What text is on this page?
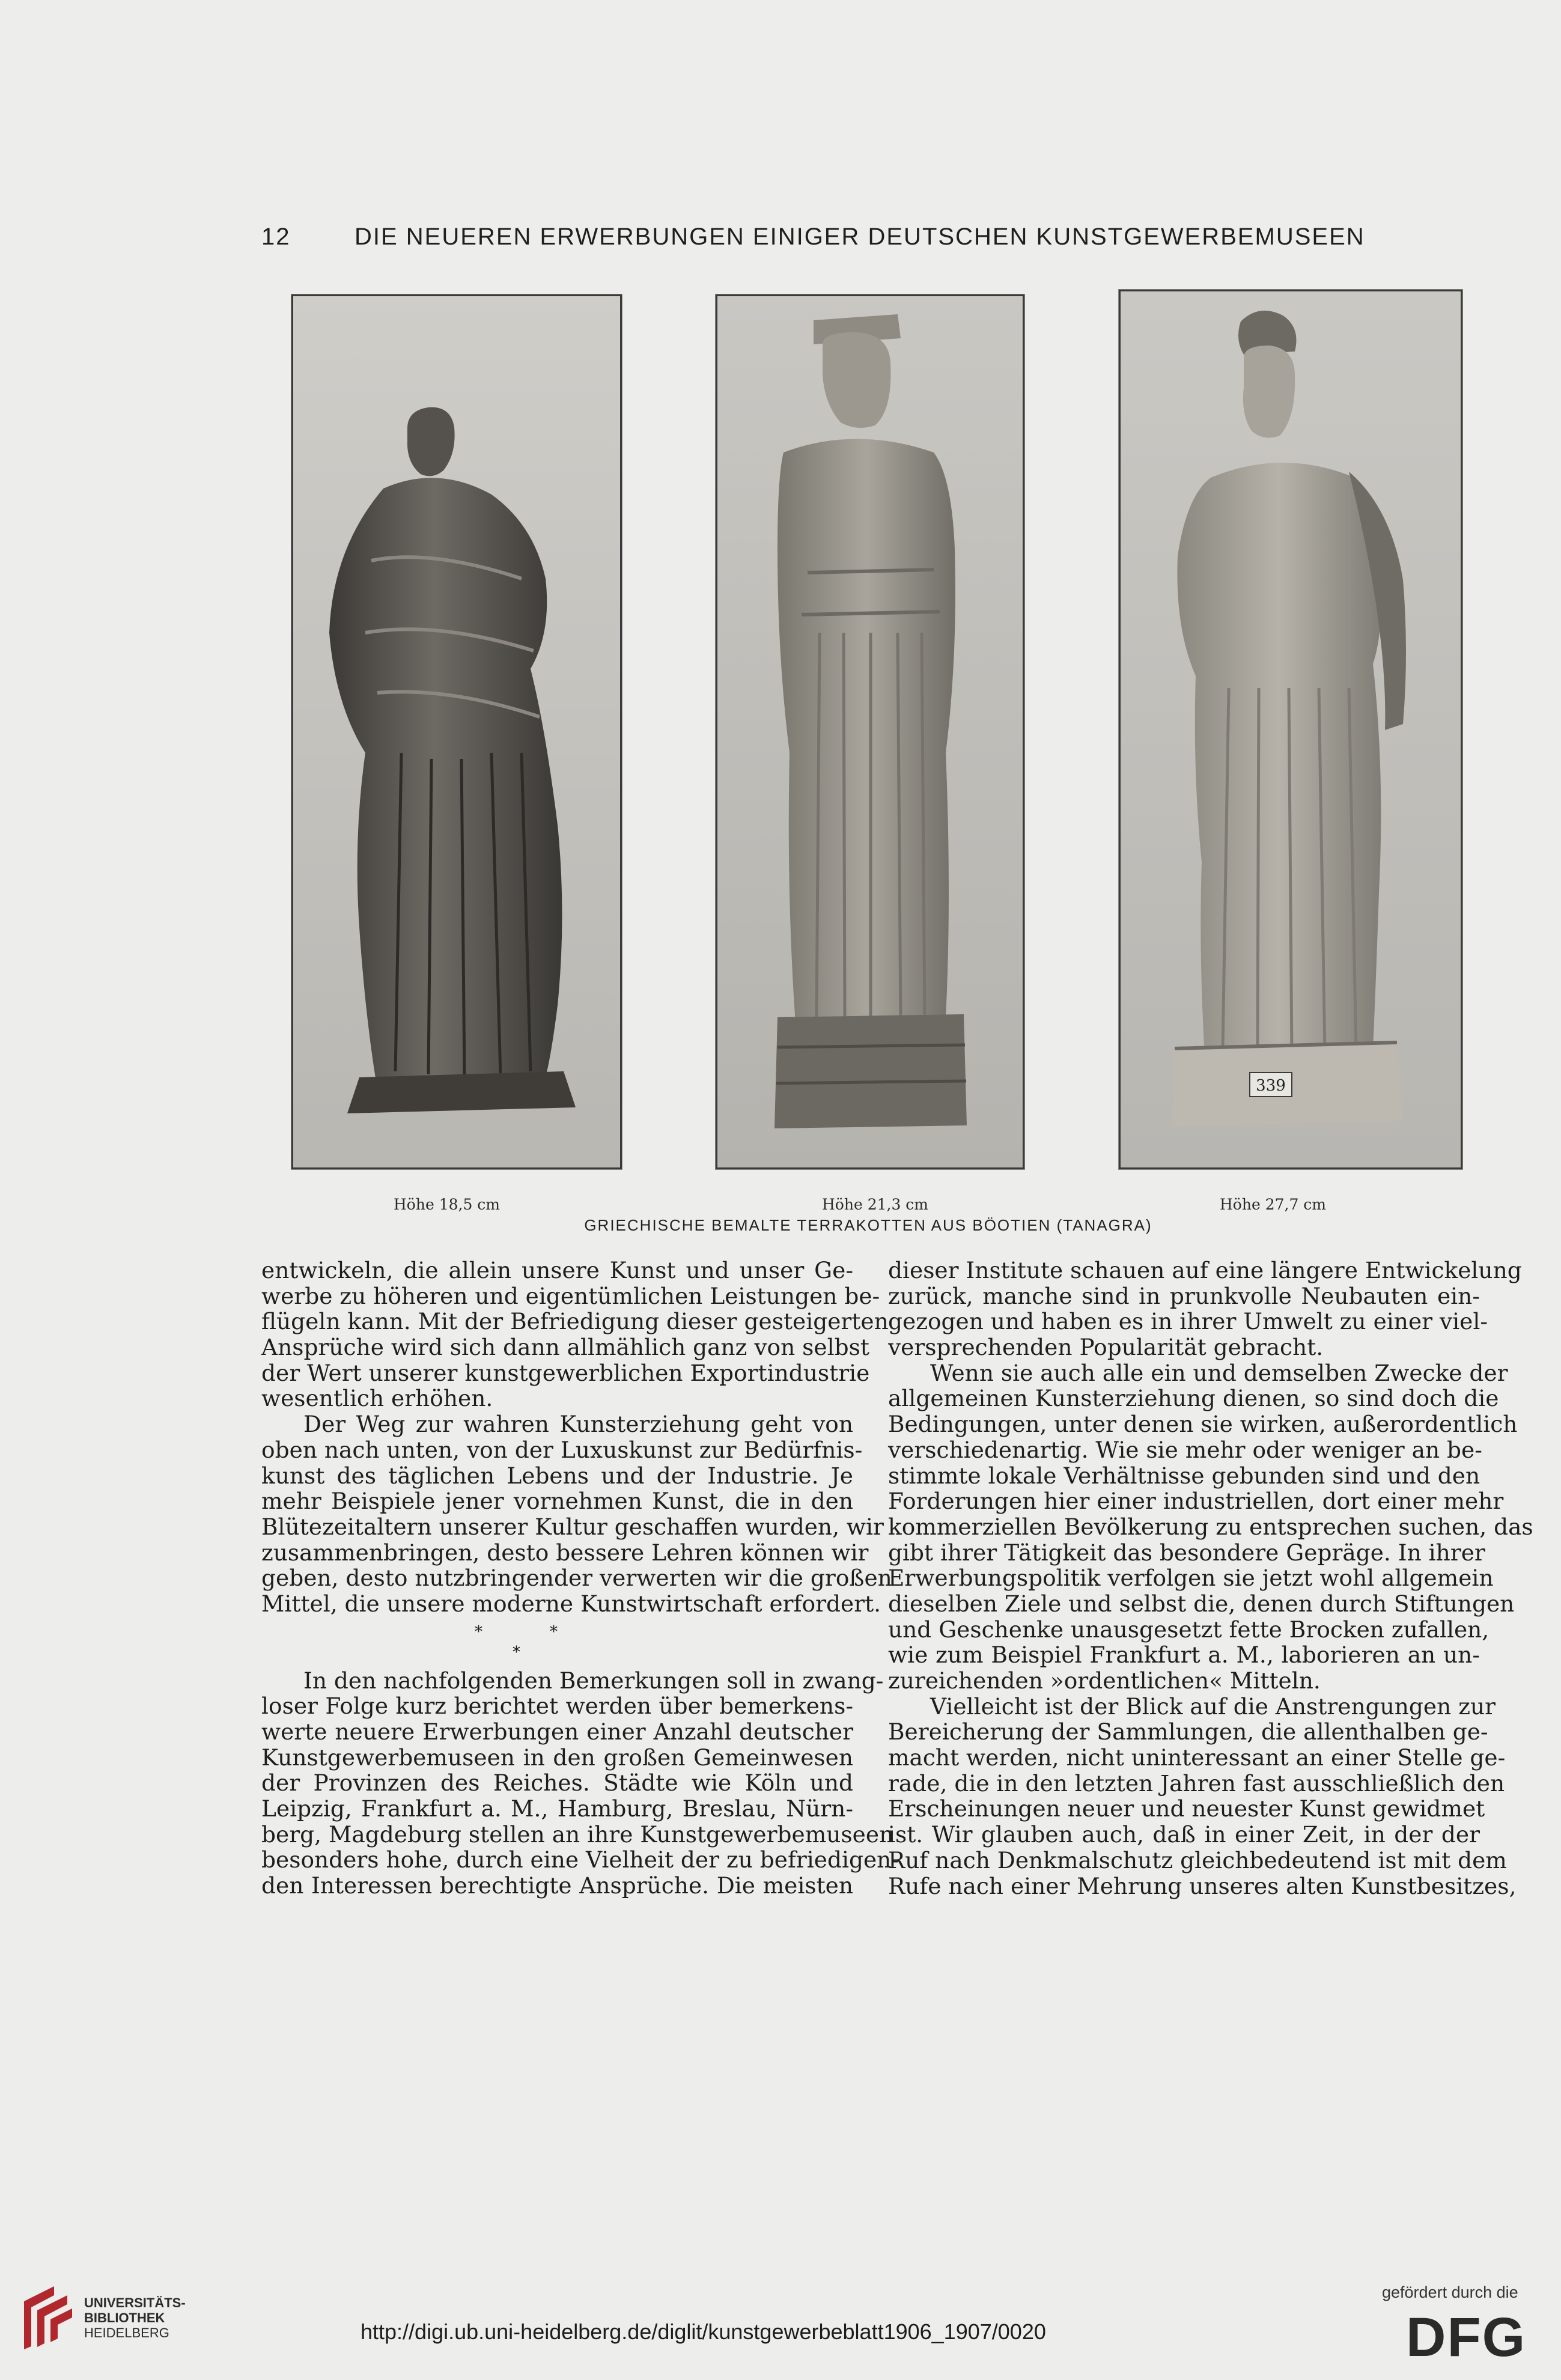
12	DIE NEUEREN ERWERBUNGEN EINIGER DEUTSCHEN KUNSTGEWERBEMUSEEN
339
Höhe 18,5 cm	Höhe 21,3 cm	Höhe 27,7 cm
GRIECHISCHE BEMALTE TERRAKOTTEN AUS BÖOTIEN (TANAGRA)
entwickeln, die allein unsere Kunst und unser Ge-
werbe zu höheren und eigentümlichen Leistungen be-
flügeln kann. Mit der Befriedigung dieser gesteigerten
Ansprüche wird sich dann allmählich ganz von selbst
der Wert unserer kunstgewerblichen Exportindustrie
wesentlich erhöhen.
Der Weg zur wahren Kunsterziehung geht von
oben nach unten, von der Luxuskunst zur Bedürfnis-
kunst des täglichen Lebens und der Industrie. Je
mehr Beispiele jener vornehmen Kunst, die in den
Blütezeitaltern unserer Kultur geschaffen wurden, wir
zusammenbringen, desto bessere Lehren können wir
geben, desto nutzbringender verwerten wir die großen
Mittel, die unsere moderne Kunstwirtschaft erfordert.
*	*
*
In den nachfolgenden Bemerkungen soll in zwang-
loser Folge kurz berichtet werden über bemerkens-
werte neuere Erwerbungen einer Anzahl deutscher
Kunstgewerbemuseen in den großen Gemeinwesen
der Provinzen des Reiches. Städte wie Köln und
Leipzig, Frankfurt a. M., Hamburg, Breslau, Nürn-
berg, Magdeburg stellen an ihre Kunstgewerbemuseen
besonders hohe, durch eine Vielheit der zu befriedigen-
den Interessen berechtigte Ansprüche. Die meisten
dieser Institute schauen auf eine längere Entwickelung
zurück, manche sind in prunkvolle Neubauten ein-
gezogen und haben es in ihrer Umwelt zu einer viel-
versprechenden Popularität gebracht.
Wenn sie auch alle ein und demselben Zwecke der
allgemeinen Kunsterziehung dienen, so sind doch die
Bedingungen, unter denen sie wirken, außerordentlich
verschiedenartig. Wie sie mehr oder weniger an be-
stimmte lokale Verhältnisse gebunden sind und den
Forderungen hier einer industriellen, dort einer mehr
kommerziellen Bevölkerung zu entsprechen suchen, das
gibt ihrer Tätigkeit das besondere Gepräge. In ihrer
Erwerbungspolitik verfolgen sie jetzt wohl allgemein
dieselben Ziele und selbst die, denen durch Stiftungen
und Geschenke unausgesetzt fette Brocken zufallen,
wie zum Beispiel Frankfurt a. M., laborieren an un-
zureichenden »ordentlichen« Mitteln.
Vielleicht ist der Blick auf die Anstrengungen zur
Bereicherung der Sammlungen, die allenthalben ge-
macht werden, nicht uninteressant an einer Stelle ge-
rade, die in den letzten Jahren fast ausschließlich den
Erscheinungen neuer und neuester Kunst gewidmet
ist. Wir glauben auch, daß in einer Zeit, in der der
Ruf nach Denkmalschutz gleichbedeutend ist mit dem
Rufe nach einer Mehrung unseres alten Kunstbesitzes,
UNIVERSITÄTS-
BIBLIOTHEK
HEIDELBERG	http://digi.ub.uni-heidelberg.de/diglit/kunstgewerbeblatt1906_1907/0020
gefördert durch die
DFG
